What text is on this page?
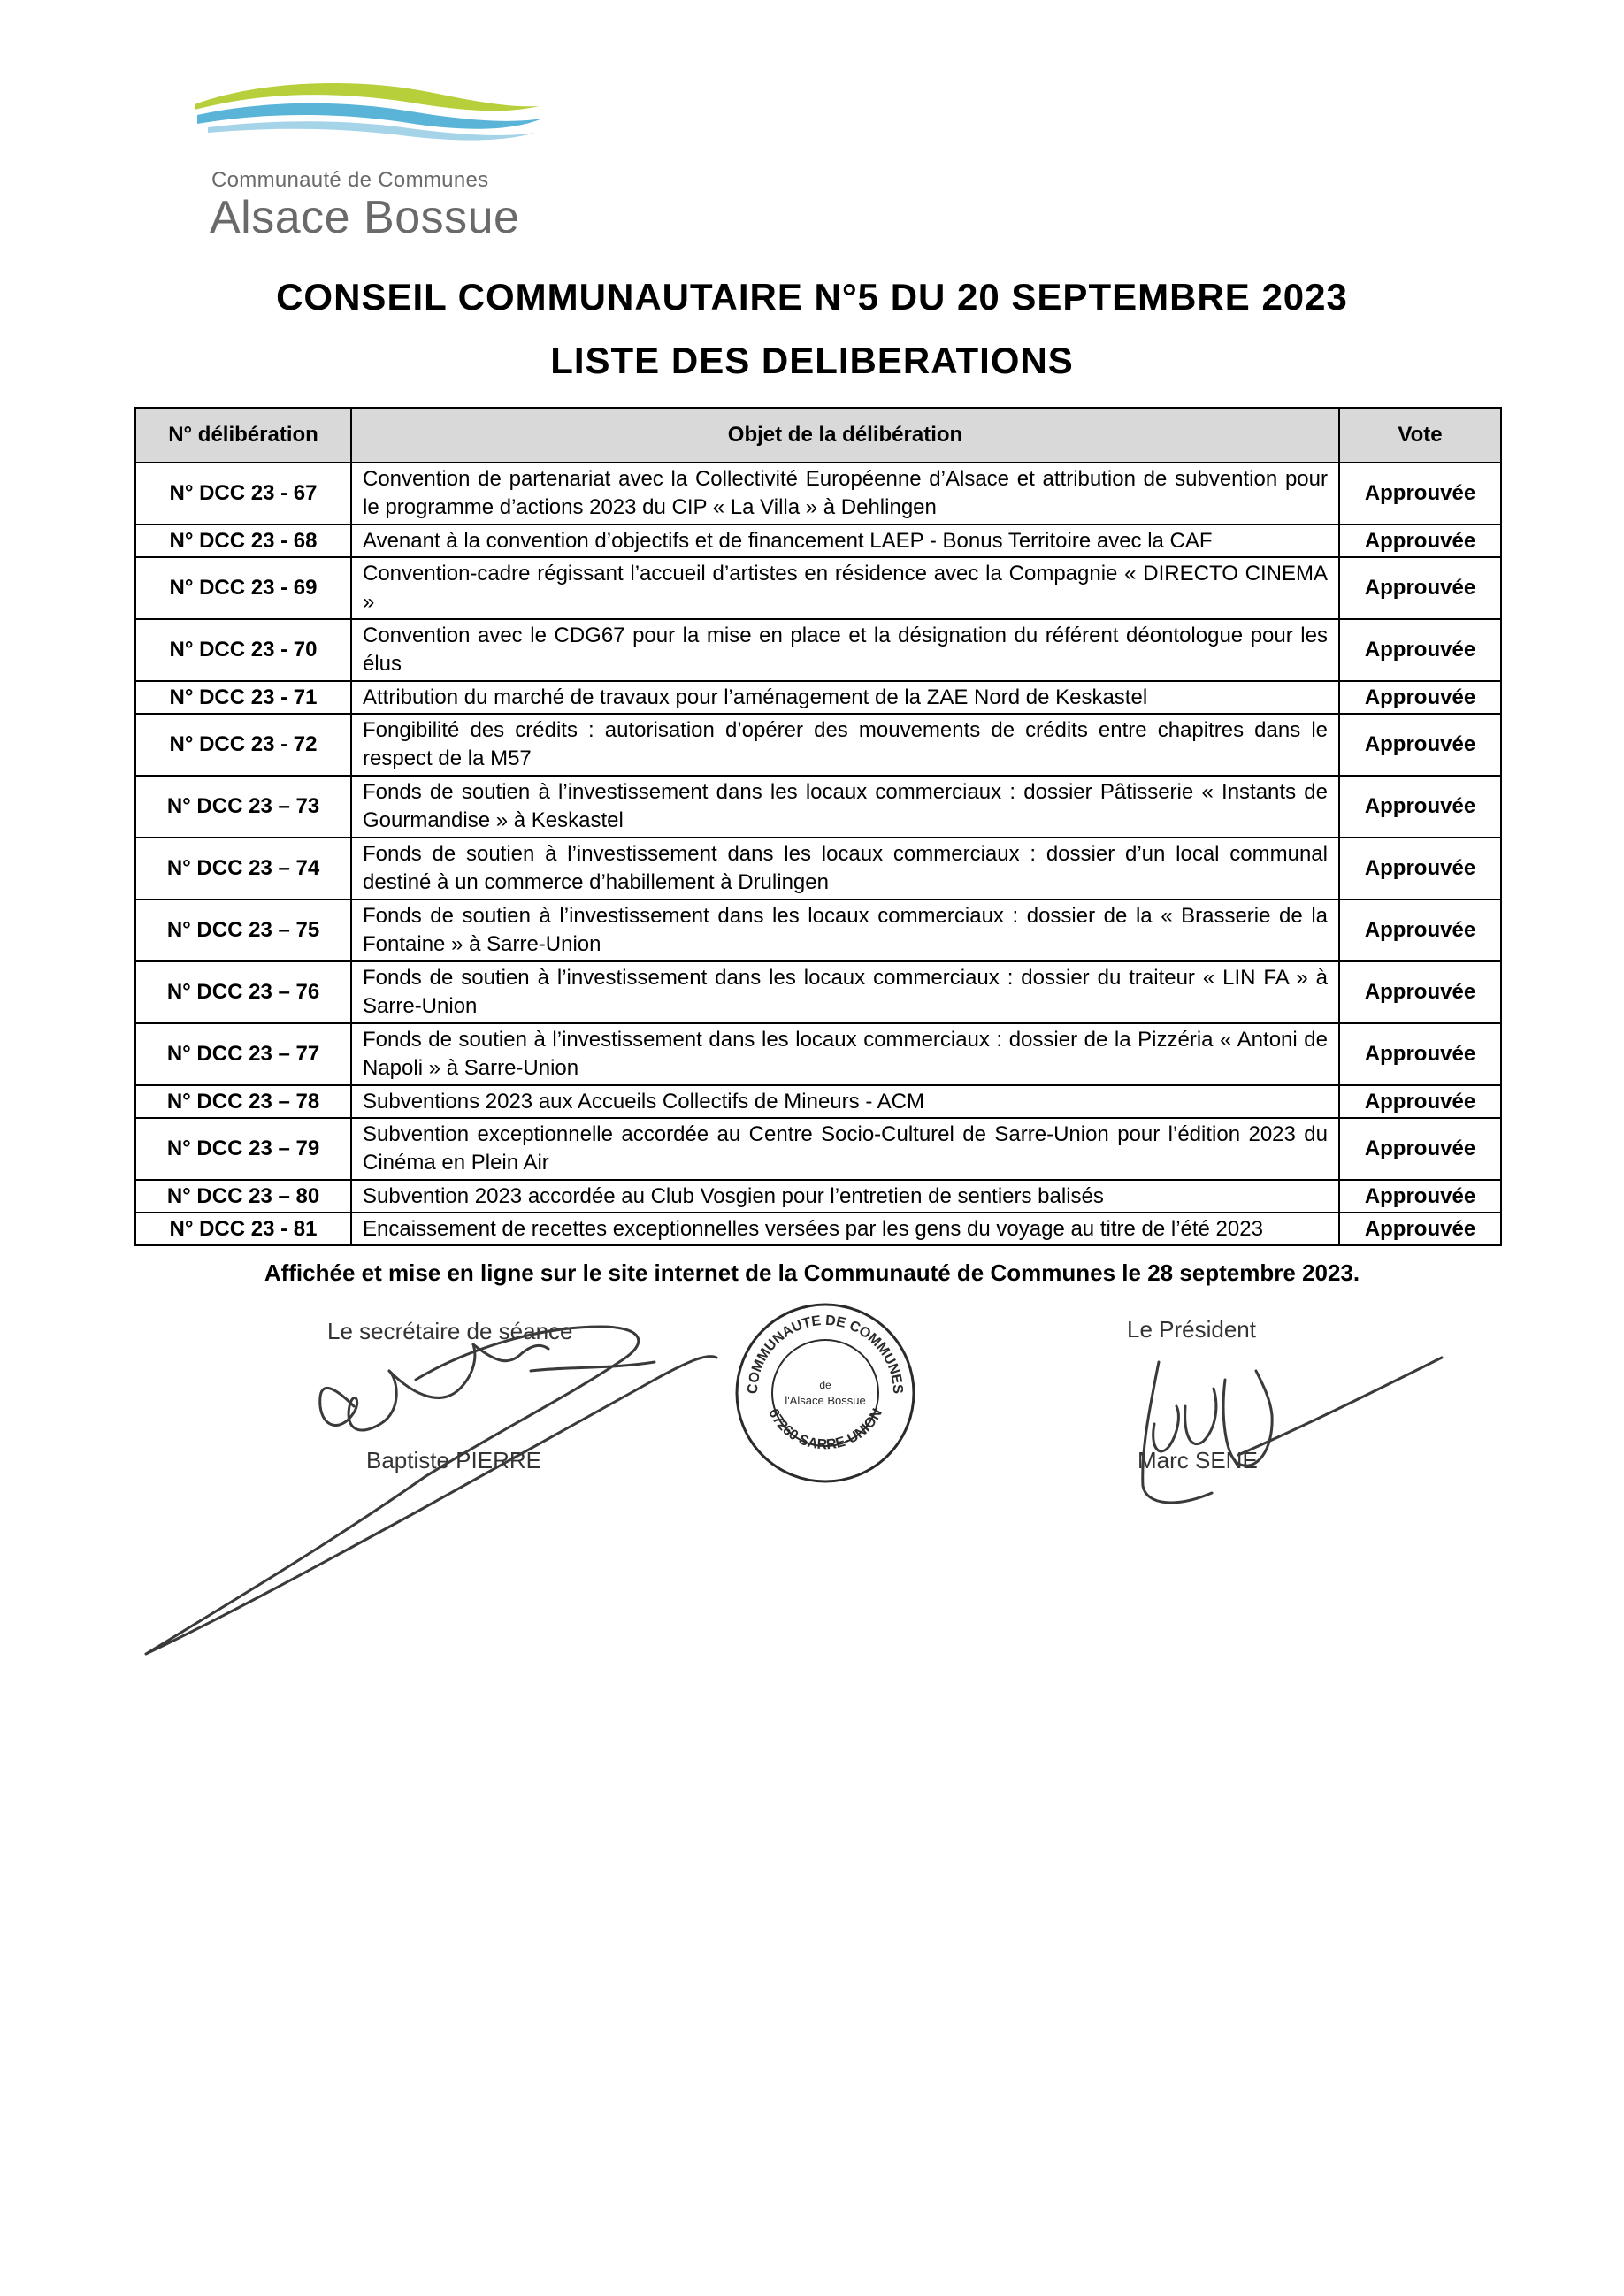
Communauté de Communes
Alsace Bossue
CONSEIL COMMUNAUTAIRE N°5 DU 20 SEPTEMBRE 2023
LISTE DES DELIBERATIONS
N° délibération	Objet de la délibération	Vote
N° DCC 23 - 67	Convention de partenariat avec la Collectivité Européenne d’Alsace et attribution de subvention pour le programme d’actions 2023 du CIP « La Villa » à Dehlingen	Approuvée
N° DCC 23 - 68	Avenant à la convention d’objectifs et de financement LAEP - Bonus Territoire avec la CAF	Approuvée
N° DCC 23 - 69	Convention-cadre régissant l’accueil d’artistes en résidence avec la Compagnie « DIRECTO CINEMA »	Approuvée
N° DCC 23 - 70	Convention avec le CDG67 pour la mise en place et la désignation du référent déontologue pour les élus	Approuvée
N° DCC 23 - 71	Attribution du marché de travaux pour l’aménagement de la ZAE Nord de Keskastel	Approuvée
N° DCC 23 - 72	Fongibilité des crédits : autorisation d’opérer des mouvements de crédits entre chapitres dans le respect de la M57	Approuvée
N° DCC 23 – 73	Fonds de soutien à l’investissement dans les locaux commerciaux : dossier Pâtisserie « Instants de Gourmandise » à Keskastel	Approuvée
N° DCC 23 – 74	Fonds de soutien à l’investissement dans les locaux commerciaux : dossier d’un local communal destiné à un commerce d’habillement à Drulingen	Approuvée
N° DCC 23 – 75	Fonds de soutien à l’investissement dans les locaux commerciaux : dossier de la « Brasserie de la Fontaine » à Sarre-Union	Approuvée
N° DCC 23 – 76	Fonds de soutien à l’investissement dans les locaux commerciaux : dossier du traiteur « LIN FA » à Sarre-Union	Approuvée
N° DCC 23 – 77	Fonds de soutien à l’investissement dans les locaux commerciaux : dossier de la Pizzéria « Antoni de Napoli » à Sarre-Union	Approuvée
N° DCC 23 – 78	Subventions 2023 aux Accueils Collectifs de Mineurs - ACM	Approuvée
N° DCC 23 – 79	Subvention exceptionnelle accordée au Centre Socio-Culturel de Sarre-Union pour l’édition 2023 du Cinéma en Plein Air	Approuvée
N° DCC 23 – 80	Subvention 2023 accordée au Club Vosgien pour l’entretien de sentiers balisés	Approuvée
N° DCC 23 - 81	Encaissement de recettes exceptionnelles versées par les gens du voyage au titre de l’été 2023	Approuvée
Affichée et mise en ligne sur le site internet de la Communauté de Communes le 28 septembre 2023.
Le secrétaire de séance
Baptiste PIERRE
Le Président
Marc SENE
COMMUNAUTE DE COMMUNES
67260 SARRE-UNION
de
l'Alsace Bossue
